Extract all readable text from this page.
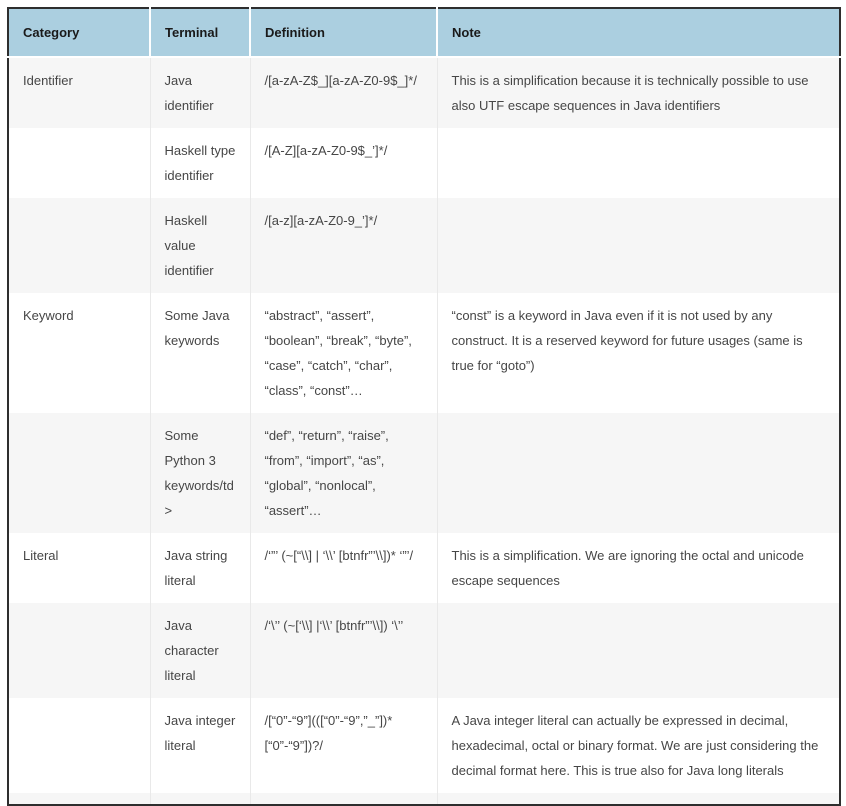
Category	Terminal	Definition	Note
Identifier	Java identifier	/[a-zA-Z$_][a-zA-Z0-9$_]*/	This is a simplification because it is technically possible to use also UTF escape sequences in Java identifiers
	Haskell type identifier	/[A-Z][a-zA-Z0-9$_’]*/	
	Haskell value identifier	/[a-z][a-zA-Z0-9_’]*/	
Keyword	Some Java keywords	“abstract”, “assert”, “boolean”, “break”, “byte”, “case”, “catch”, “char”, “class”, “const”…	“const” is a keyword in Java even if it is not used by any construct. It is a reserved keyword for future usages (same is true for “goto”)
	Some Python 3 keywords/td>	“def”, “return”, “raise”, “from”, “import”, “as”, “global”, “nonlocal”, “assert”…	
Literal	Java string literal	/‘”’ (~[“\\] | ‘\\’ [btnfr”’\\])* ‘”’/	This is a simplification. We are ignoring the octal and unicode escape sequences
	Java character literal	/‘\’’ (~[‘\\] |‘\\’ [btnfr”’\\]) ‘\’’	
	Java integer literal	/[“0”-“9”](([“0”-“9”,”_”])* [“0”-“9”])?/	A Java integer literal can actually be expressed in decimal, hexadecimal, octal or binary format. We are just considering the decimal format here. This is true also for Java long literals
